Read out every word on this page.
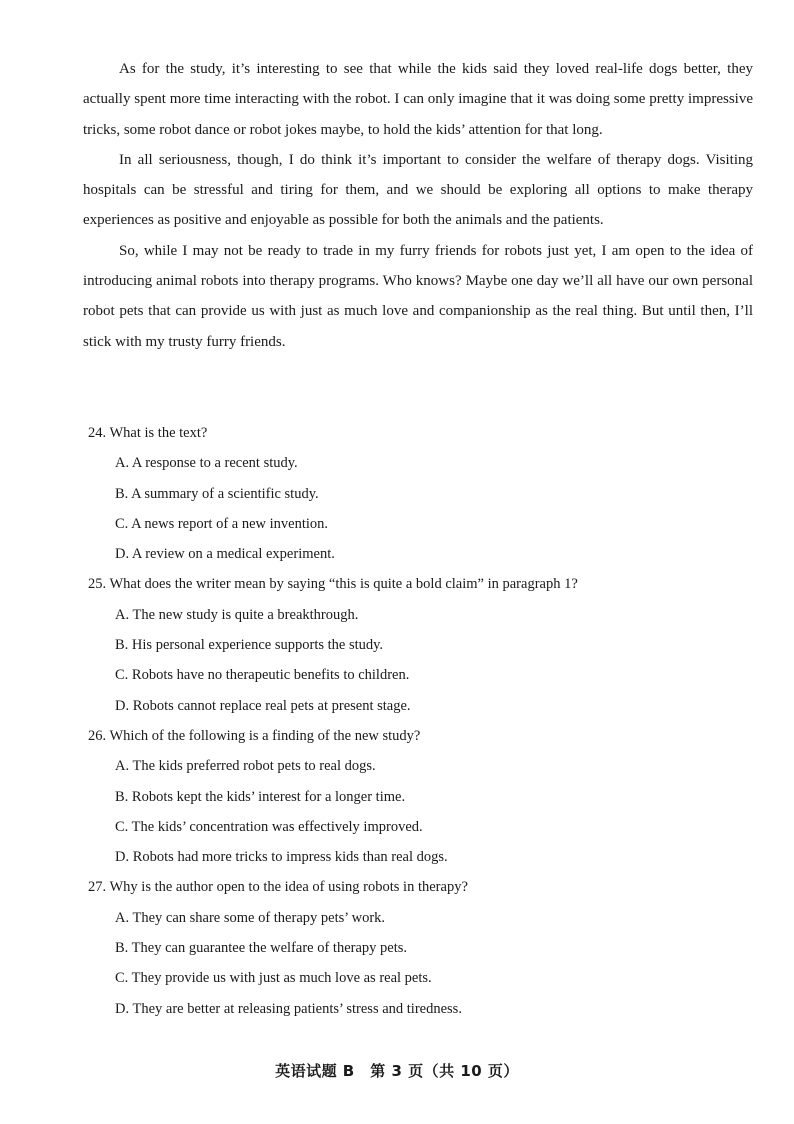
As for the study, it’s interesting to see that while the kids said they loved real-life dogs better, they actually spent more time interacting with the robot. I can only imagine that it was doing some pretty impressive tricks, some robot dance or robot jokes maybe, to hold the kids’ attention for that long.

In all seriousness, though, I do think it’s important to consider the welfare of therapy dogs. Visiting hospitals can be stressful and tiring for them, and we should be exploring all options to make therapy experiences as positive and enjoyable as possible for both the animals and the patients.

So, while I may not be ready to trade in my furry friends for robots just yet, I am open to the idea of introducing animal robots into therapy programs. Who knows? Maybe one day we’ll all have our own personal robot pets that can provide us with just as much love and companionship as the real thing. But until then, I’ll stick with my trusty furry friends.

24. What is the text?
A. A response to a recent study.
B. A summary of a scientific study.
C. A news report of a new invention.
D. A review on a medical experiment.
25. What does the writer mean by saying “this is quite a bold claim” in paragraph 1?
A. The new study is quite a breakthrough.
B. His personal experience supports the study.
C. Robots have no therapeutic benefits to children.
D. Robots cannot replace real pets at present stage.
26. Which of the following is a finding of the new study?
A. The kids preferred robot pets to real dogs.
B. Robots kept the kids’ interest for a longer time.
C. The kids’ concentration was effectively improved.
D. Robots had more tricks to impress kids than real dogs.
27. Why is the author open to the idea of using robots in therapy?
A. They can share some of therapy pets’ work.
B. They can guarantee the welfare of therapy pets.
C. They provide us with just as much love as real pets.
D. They are better at releasing patients’ stress and tiredness.
英语试题 B　第 3 页（共 10 页）
